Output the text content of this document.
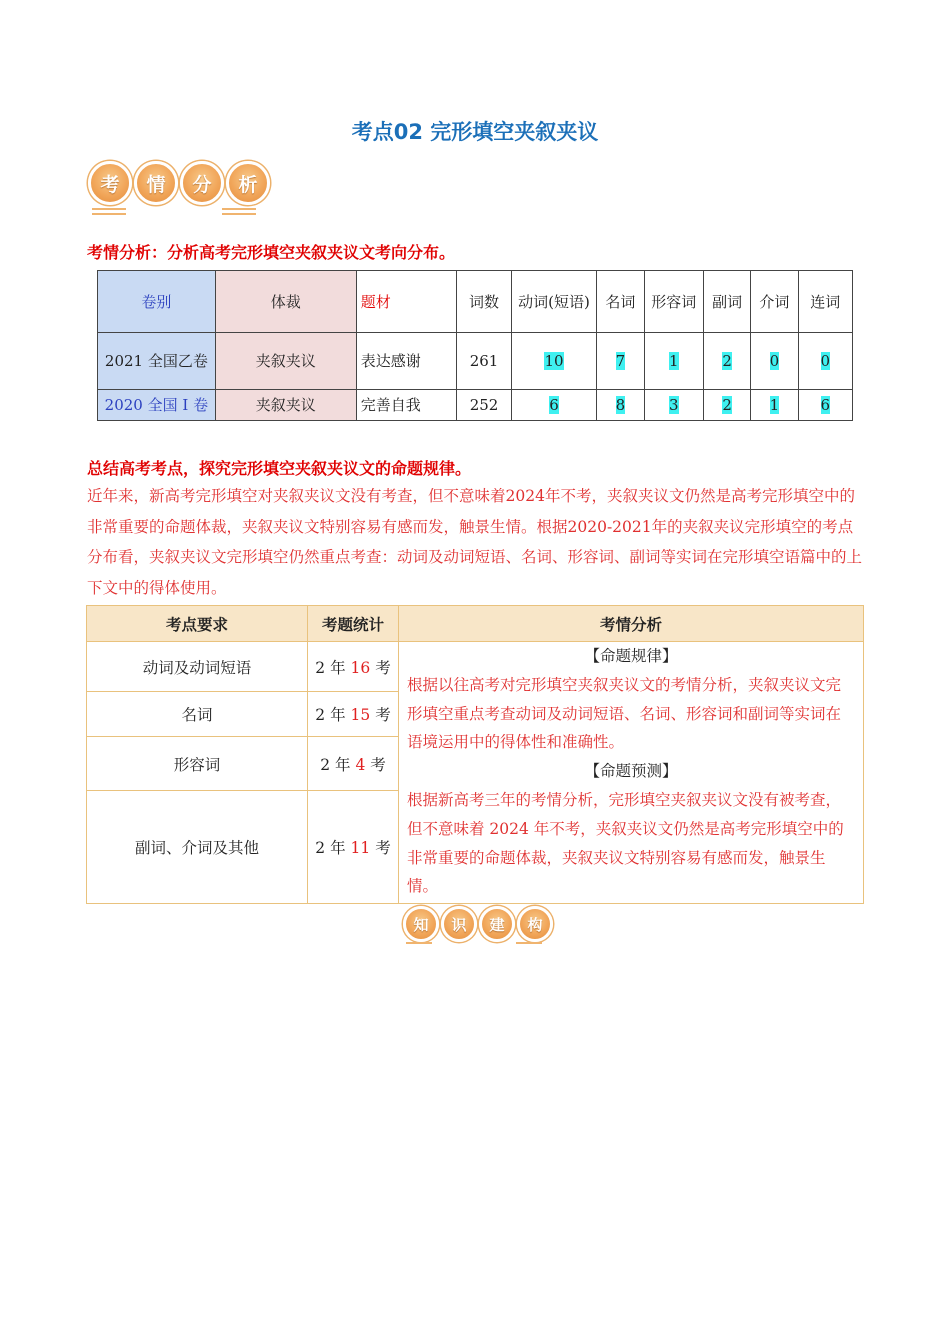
考点02 完形填空夹叙夹议
考	情	分	析
考情分析：分析高考完形填空夹叙夹议文考向分布。
卷别	体裁	题材	词数	动词(短语)	名词	形容词	副词	介词	连词
2021 全国乙卷	夹叙夹议	表达感谢	261	10	7	1	2	0	0
2020 全国 I 卷	夹叙夹议	完善自我	252	6	8	3	2	1	6
总结高考考点，探究完形填空夹叙夹议文的命题规律。
近年来，新高考完形填空对夹叙夹议文没有考查，但不意味着2024年不考，夹叙夹议文仍然是高考完形填空中的非常重要的命题体裁，夹叙夹议文特别容易有感而发，触景生情。根据2020-2021年的夹叙夹议完形填空的考点分布看，夹叙夹议文完形填空仍然重点考查：动词及动词短语、名词、形容词、副词等实词在完形填空语篇中的上下文中的得体使用。
考点要求	考题统计	考情分析
动词及动词短语	2 年 16 考	【命题规律】
根据以往高考对完形填空夹叙夹议文的考情分析，夹叙夹议文完形填空重点考查动词及动词短语、名词、形容词和副词等实词在语境运用中的得体性和准确性。
【命题预测】
根据新高考三年的考情分析，完形填空夹叙夹议文没有被考查，但不意味着 2024 年不考，夹叙夹议文仍然是高考完形填空中的非常重要的命题体裁，夹叙夹议文特别容易有感而发，触景生情。
名词	2 年 15 考	
形容词	2 年 4 考	
副词、介词及其他	2 年 11 考	
知	识	建	构
